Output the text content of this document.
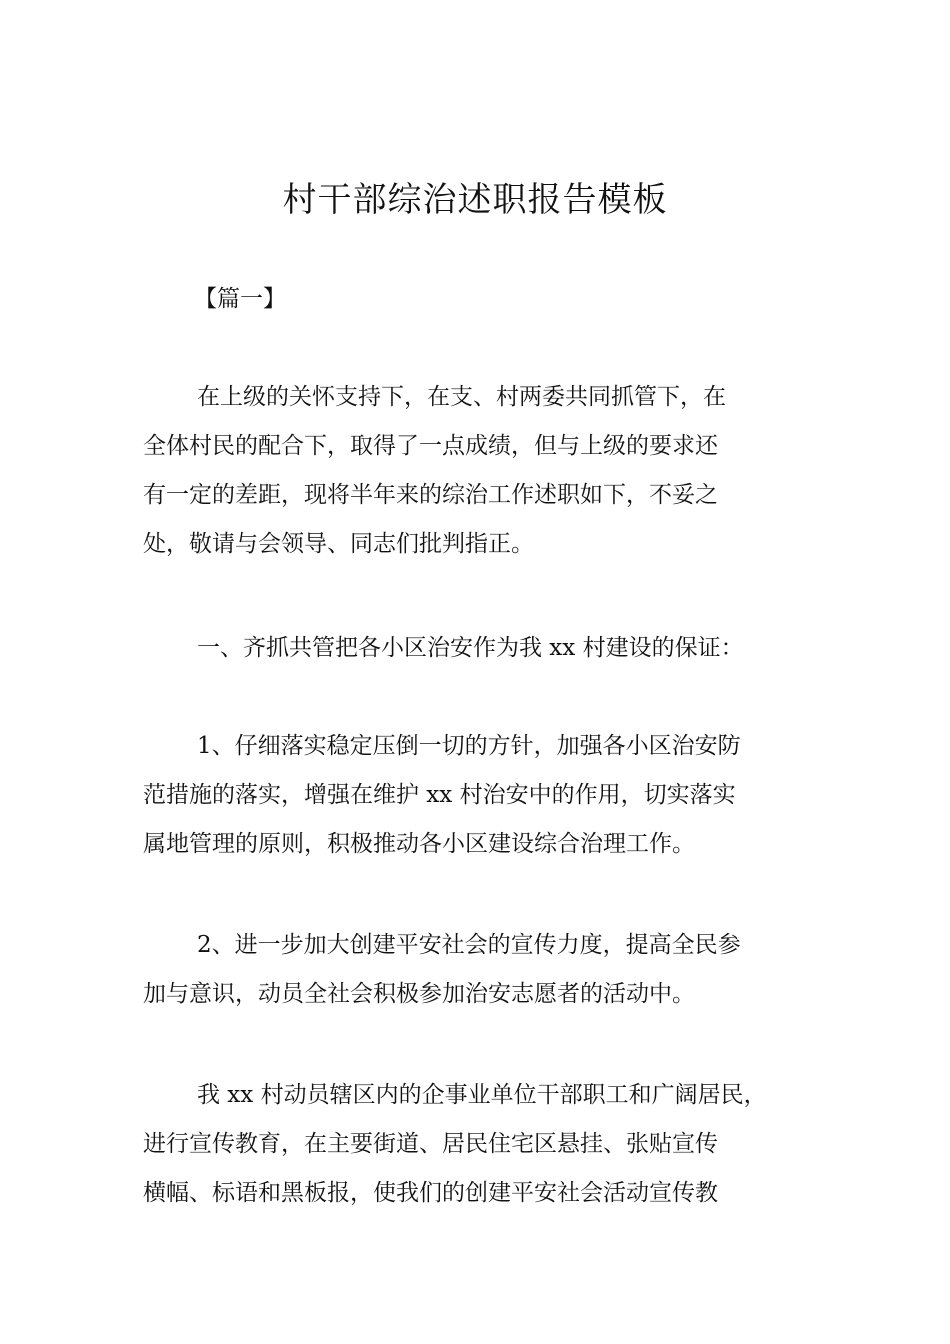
村干部综治述职报告模板
【篇一】

在上级的关怀支持下，在支、村两委共同抓管下，在
全体村民的配合下，取得了一点成绩，但与上级的要求还
有一定的差距，现将半年来的综治工作述职如下，不妥之
处，敬请与会领导、同志们批判指正。

一、齐抓共管把各小区治安作为我 xx 村建设的保证：

1、仔细落实稳定压倒一切的方针，加强各小区治安防
范措施的落实，增强在维护 xx 村治安中的作用，切实落实
属地管理的原则，积极推动各小区建设综合治理工作。

2、进一步加大创建平安社会的宣传力度，提高全民参
加与意识，动员全社会积极参加治安志愿者的活动中。

我 xx 村动员辖区内的企事业单位干部职工和广阔居民，
进行宣传教育，在主要街道、居民住宅区悬挂、张贴宣传
横幅、标语和黑板报，使我们的创建平安社会活动宣传教
